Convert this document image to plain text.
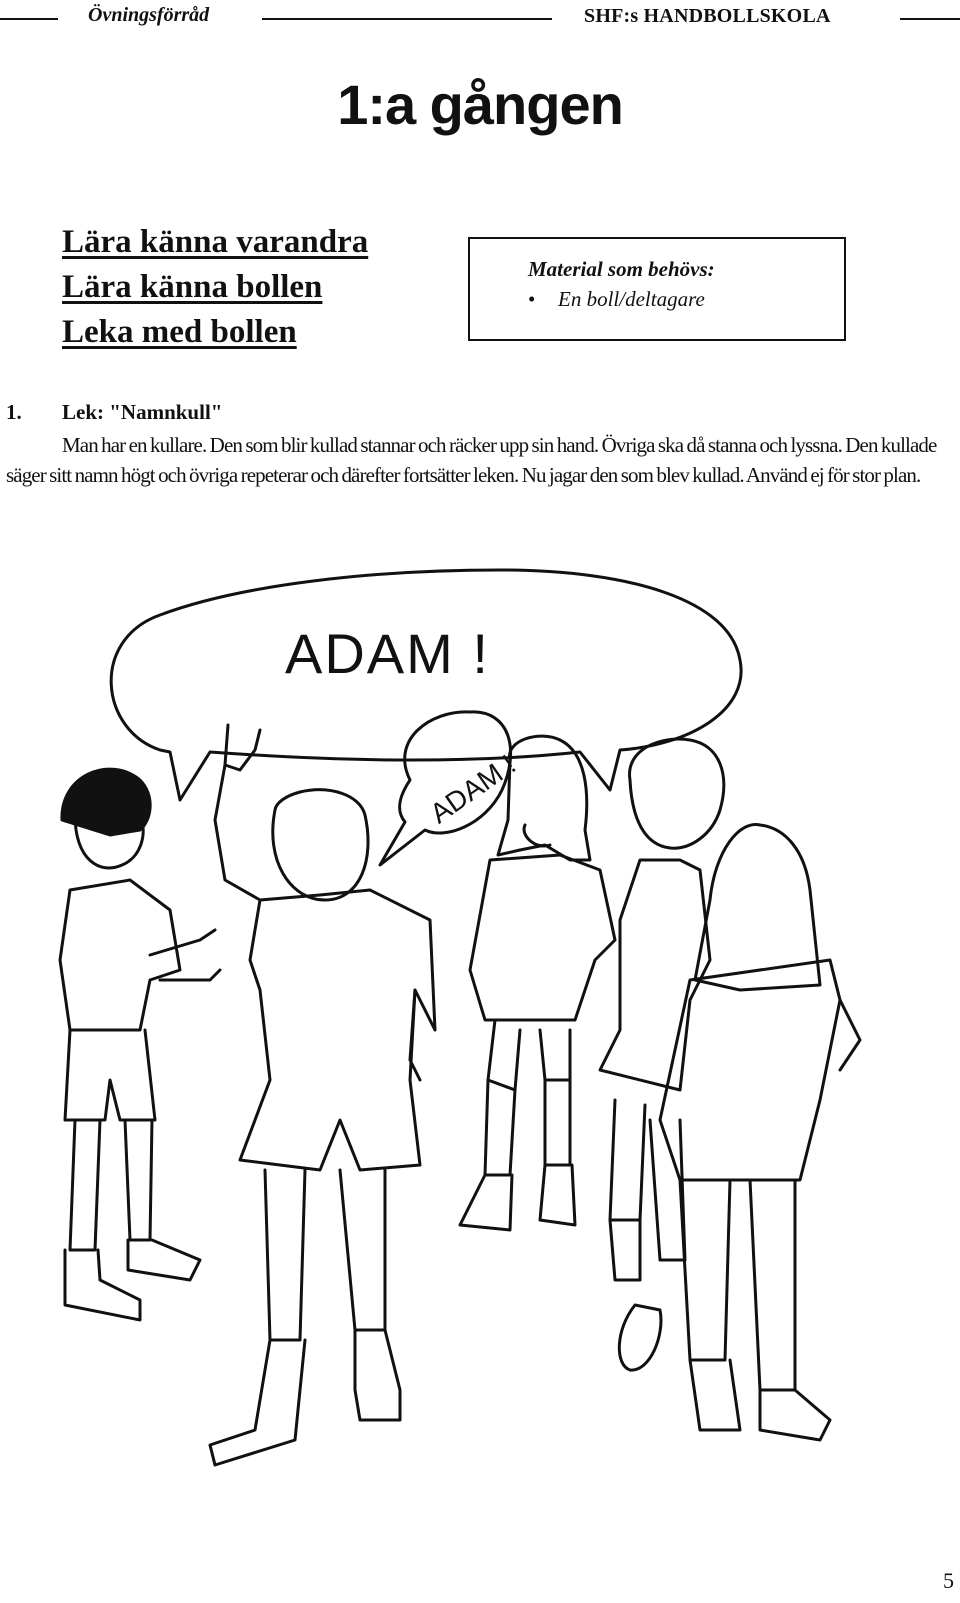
Övningsförråd	SHF:s HANDBOLLSKOLA
1:a gången
Lära känna varandra
Lära känna bollen
Leka med bollen
Material som behövs:
• En boll/deltagare
1. Lek: "Namnkull"
Man har en kullare. Den som blir kullad stannar och räcker upp sin hand. Övriga ska då stanna och lyssna. Den kullade säger sitt namn högt och övriga repeterar och därefter fortsätter leken. Nu jagar den som blev kullad. Använd ej för stor plan.
ADAM !
ADAM !
5
